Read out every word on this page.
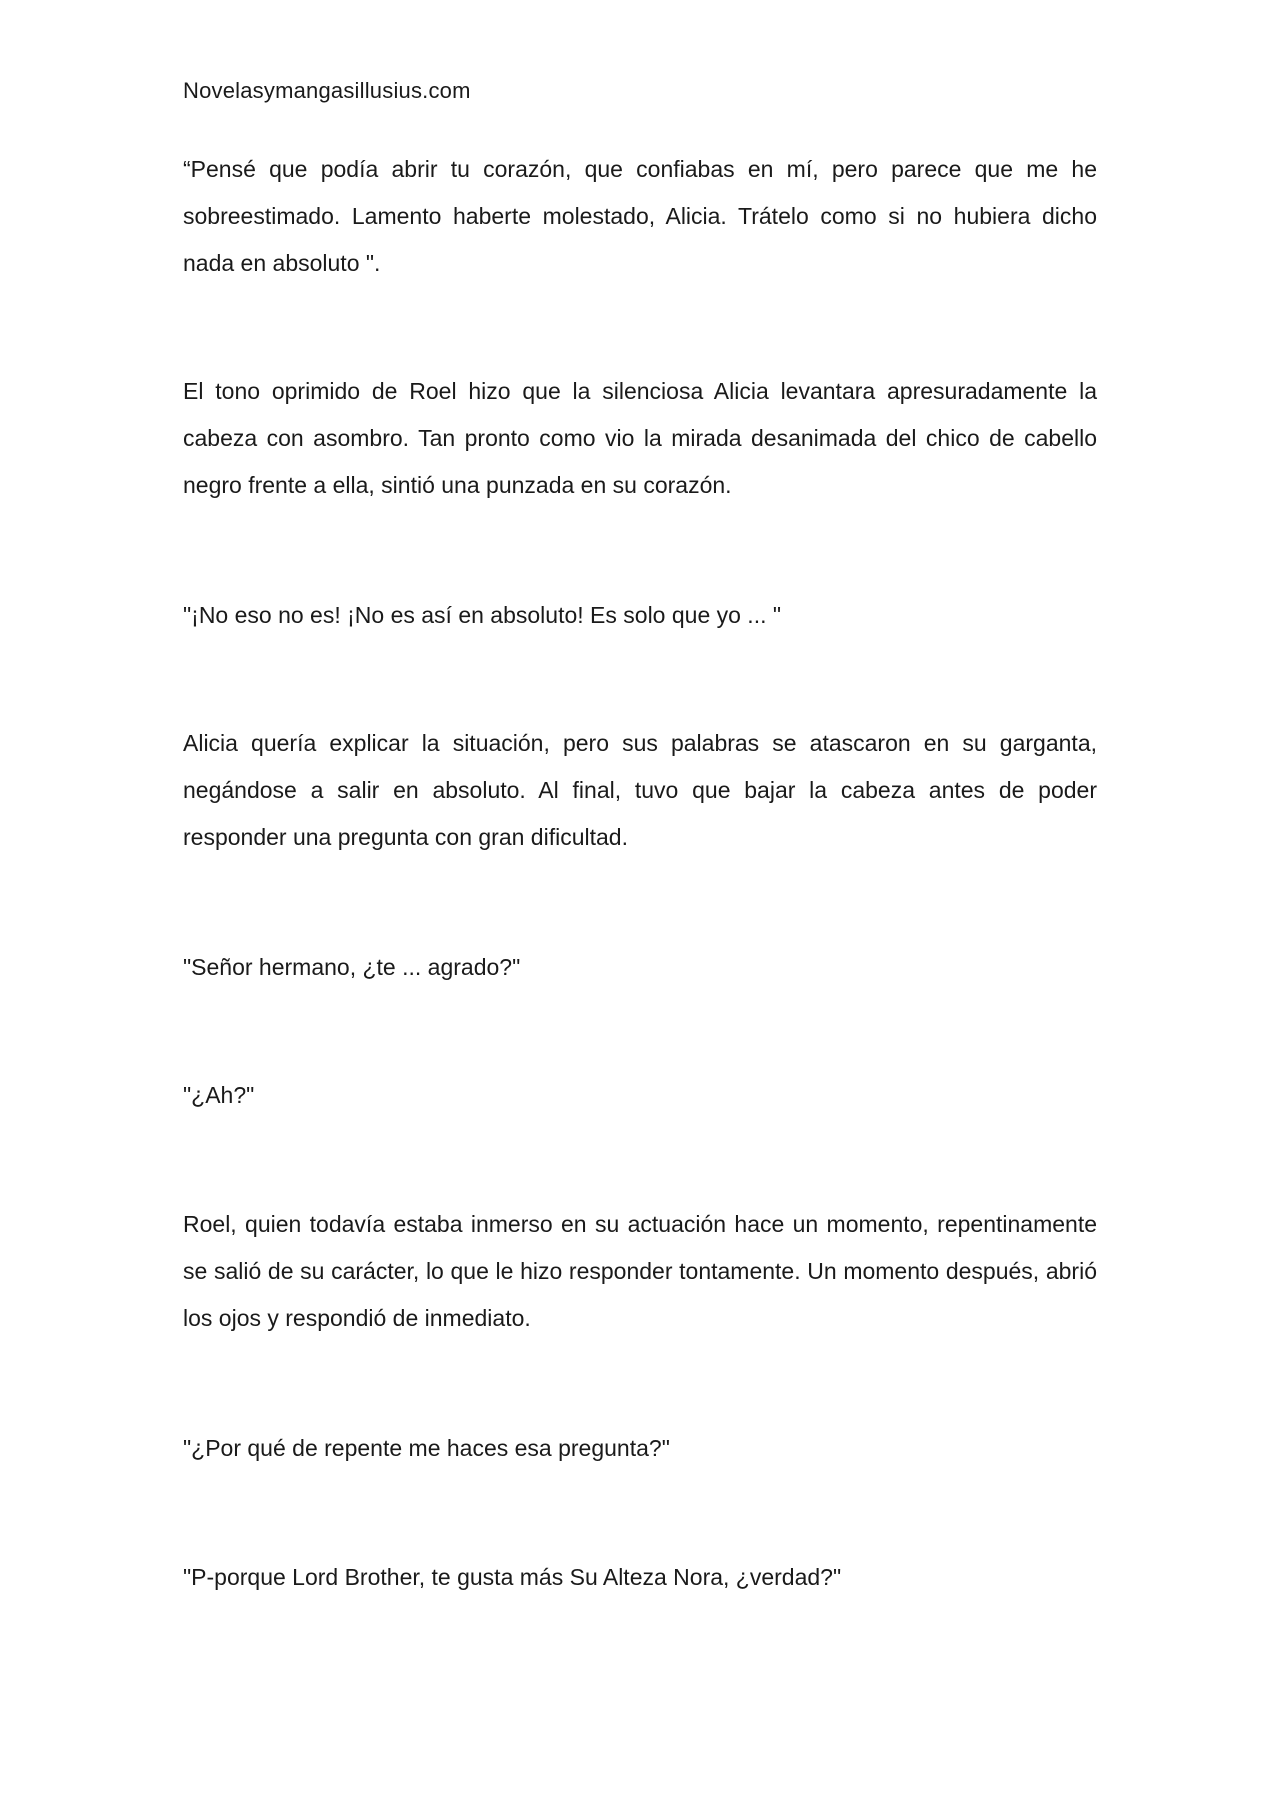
Novelasymangasillusius.com

“Pensé que podía abrir tu corazón, que confiabas en mí, pero parece que me he sobreestimado. Lamento haberte molestado, Alicia. Trátelo como si no hubiera dicho nada en absoluto ".

El tono oprimido de Roel hizo que la silenciosa Alicia levantara apresuradamente la cabeza con asombro. Tan pronto como vio la mirada desanimada del chico de cabello negro frente a ella, sintió una punzada en su corazón.

"¡No eso no es! ¡No es así en absoluto! Es solo que yo ... "

Alicia quería explicar la situación, pero sus palabras se atascaron en su garganta, negándose a salir en absoluto. Al final, tuvo que bajar la cabeza antes de poder responder una pregunta con gran dificultad.

"Señor hermano, ¿te ... agrado?"

"¿Ah?"

Roel, quien todavía estaba inmerso en su actuación hace un momento, repentinamente se salió de su carácter, lo que le hizo responder tontamente. Un momento después, abrió los ojos y respondió de inmediato.

"¿Por qué de repente me haces esa pregunta?"

"P-porque Lord Brother, te gusta más Su Alteza Nora, ¿verdad?"
